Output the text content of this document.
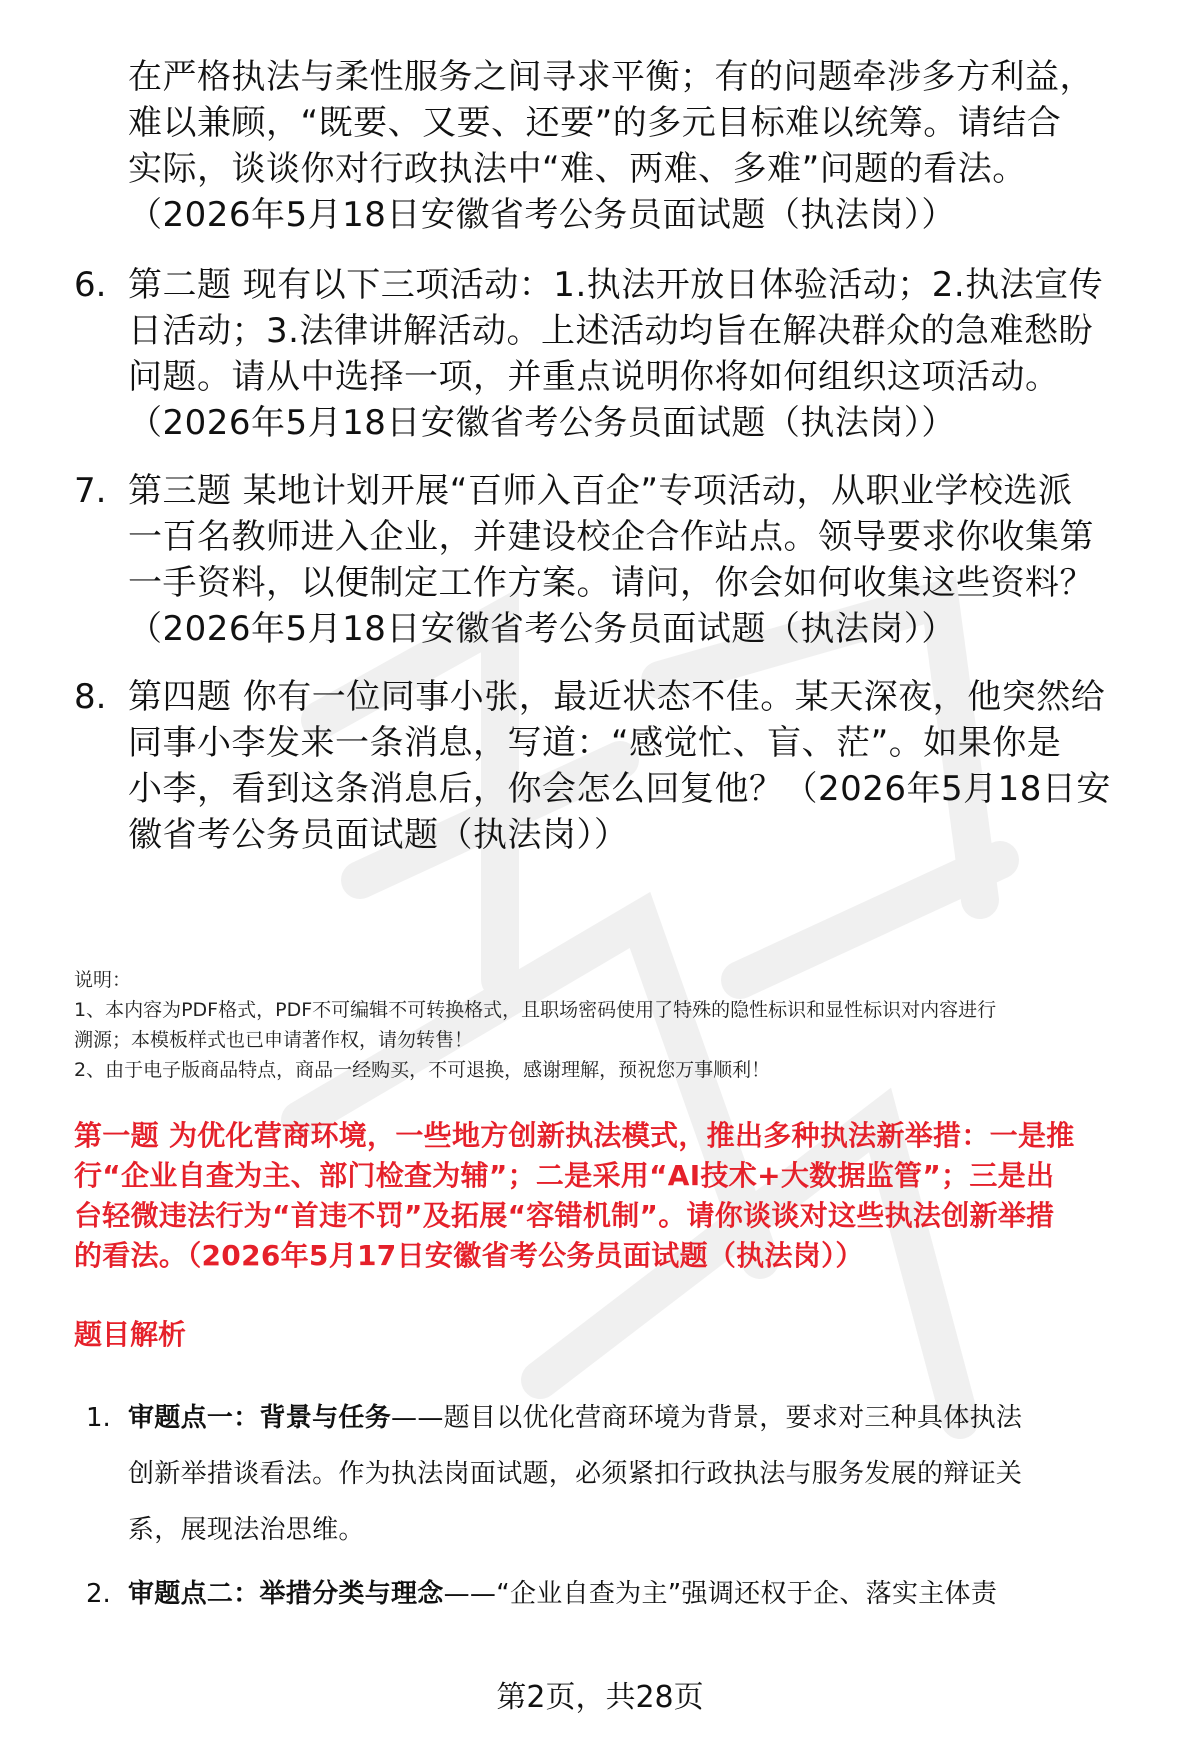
在严格执法与柔性服务之间寻求平衡；有的问题牵涉多方利益，
难以兼顾，“既要、又要、还要”的多元目标难以统筹。请结合
实际，谈谈你对行政执法中“难、两难、多难”问题的看法。
（2026年5月18日安徽省考公务员面试题（执法岗））
6. 第二题 现有以下三项活动：1.执法开放日体验活动；2.执法宣传
日活动；3.法律讲解活动。上述活动均旨在解决群众的急难愁盼
问题。请从中选择一项，并重点说明你将如何组织这项活动。
（2026年5月18日安徽省考公务员面试题（执法岗））
7. 第三题 某地计划开展“百师入百企”专项活动，从职业学校选派
一百名教师进入企业，并建设校企合作站点。领导要求你收集第
一手资料，以便制定工作方案。请问，你会如何收集这些资料？
（2026年5月18日安徽省考公务员面试题（执法岗））
8. 第四题 你有一位同事小张，最近状态不佳。某天深夜，他突然给
同事小李发来一条消息，写道：“感觉忙、盲、茫”。如果你是
小李，看到这条消息后，你会怎么回复他？（2026年5月18日安
徽省考公务员面试题（执法岗））
说明：
1、本内容为PDF格式，PDF不可编辑不可转换格式，且职场密码使用了特殊的隐性标识和显性标识对内容进行
溯源；本模板样式也已申请著作权，请勿转售！
2、由于电子版商品特点，商品一经购买，不可退换，感谢理解，预祝您万事顺利！
第一题 为优化营商环境，一些地方创新执法模式，推出多种执法新举措：一是推
行“企业自查为主、部门检查为辅”；二是采用“AI技术+大数据监管”；三是出
台轻微违法行为“首违不罚”及拓展“容错机制”。请你谈谈对这些执法创新举措
的看法。（2026年5月17日安徽省考公务员面试题（执法岗））
题目解析
1. 审题点一：背景与任务——题目以优化营商环境为背景，要求对三种具体执法
创新举措谈看法。作为执法岗面试题，必须紧扣行政执法与服务发展的辩证关
系，展现法治思维。
2. 审题点二：举措分类与理念——“企业自查为主”强调还权于企、落实主体责
第2页，共28页
